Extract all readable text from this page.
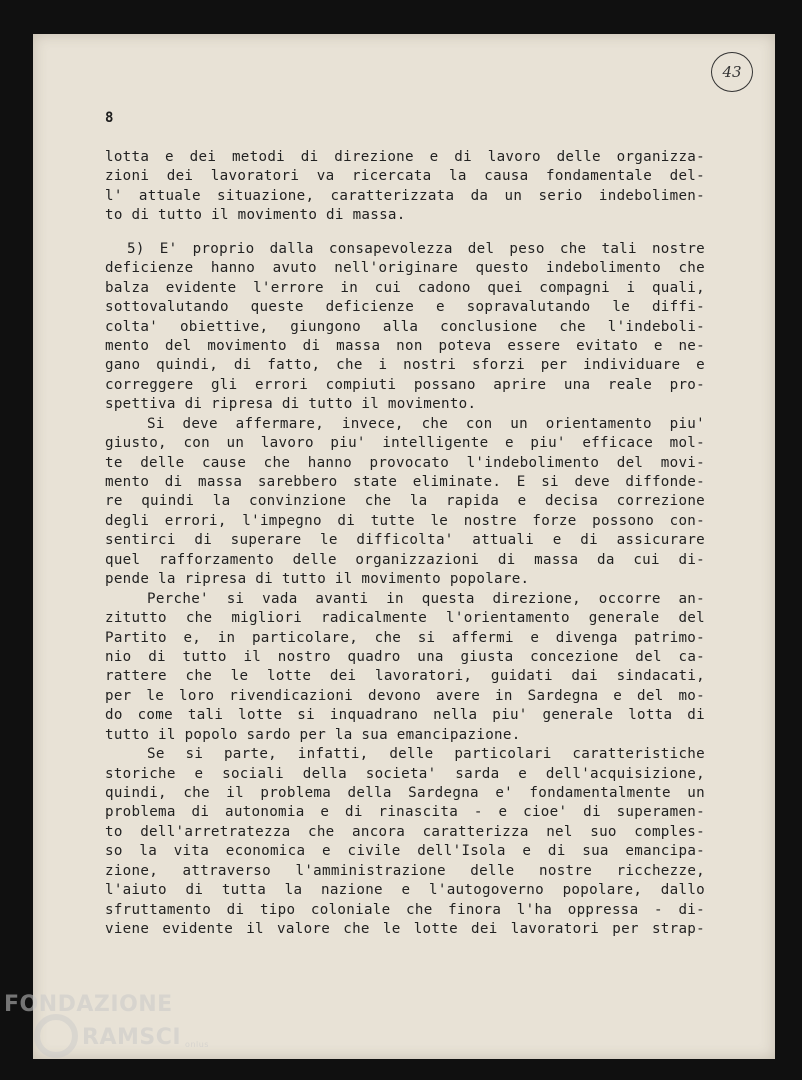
8
43
lotta e dei metodi di direzione e di lavoro delle organizza-
zioni dei lavoratori va ricercata la causa fondamentale del-
l' attuale situazione, caratterizzata da un serio indebolimen-
to di tutto il movimento di massa.
5) E' proprio dalla consapevolezza del peso che tali nostre
deficienze hanno avuto nell'originare questo indebolimento che
balza evidente l'errore in cui cadono quei compagni i quali,
sottovalutando queste deficienze e sopravalutando le diffi-
colta' obiettive, giungono alla conclusione che l'indeboli-
mento del movimento di massa non poteva essere evitato e ne-
gano quindi, di fatto, che i nostri sforzi per individuare e
correggere gli errori compiuti possano aprire una reale pro-
spettiva di ripresa di tutto il movimento.
Si deve affermare, invece, che con un orientamento piu'
giusto, con un lavoro piu' intelligente e piu' efficace mol-
te delle cause che hanno provocato l'indebolimento del movi-
mento di massa sarebbero state eliminate. E si deve diffonde-
re quindi la convinzione che la rapida e decisa correzione
degli errori, l'impegno di tutte le nostre forze possono con-
sentirci di superare le difficolta' attuali e di assicurare
quel rafforzamento delle organizzazioni di massa da cui di-
pende la ripresa di tutto il movimento popolare.
Perche' si vada avanti in questa direzione, occorre an-
zitutto che migliori radicalmente l'orientamento generale del
Partito e, in particolare, che si affermi e divenga patrimo-
nio di tutto il nostro quadro una giusta concezione del ca-
rattere che le lotte dei lavoratori, guidati dai sindacati,
per le loro rivendicazioni devono avere in Sardegna e del mo-
do come tali lotte si inquadrano nella piu' generale lotta di
tutto il popolo sardo per la sua emancipazione.
Se si parte, infatti, delle particolari caratteristiche
storiche e sociali della societa' sarda e dell'acquisizione,
quindi, che il problema della Sardegna e' fondamentalmente un
problema di autonomia e di rinascita - e cioe' di superamen-
to dell'arretratezza che ancora caratterizza nel suo comples-
so la vita economica e civile dell'Isola e di sua emancipa-
zione, attraverso l'amministrazione delle nostre ricchezze,
l'aiuto di tutta la nazione e l'autogoverno popolare, dallo
sfruttamento di tipo coloniale che finora l'ha oppressa - di-
viene evidente il valore che le lotte dei lavoratori per strap-
FONDAZIONE
RAMSCI onlus
